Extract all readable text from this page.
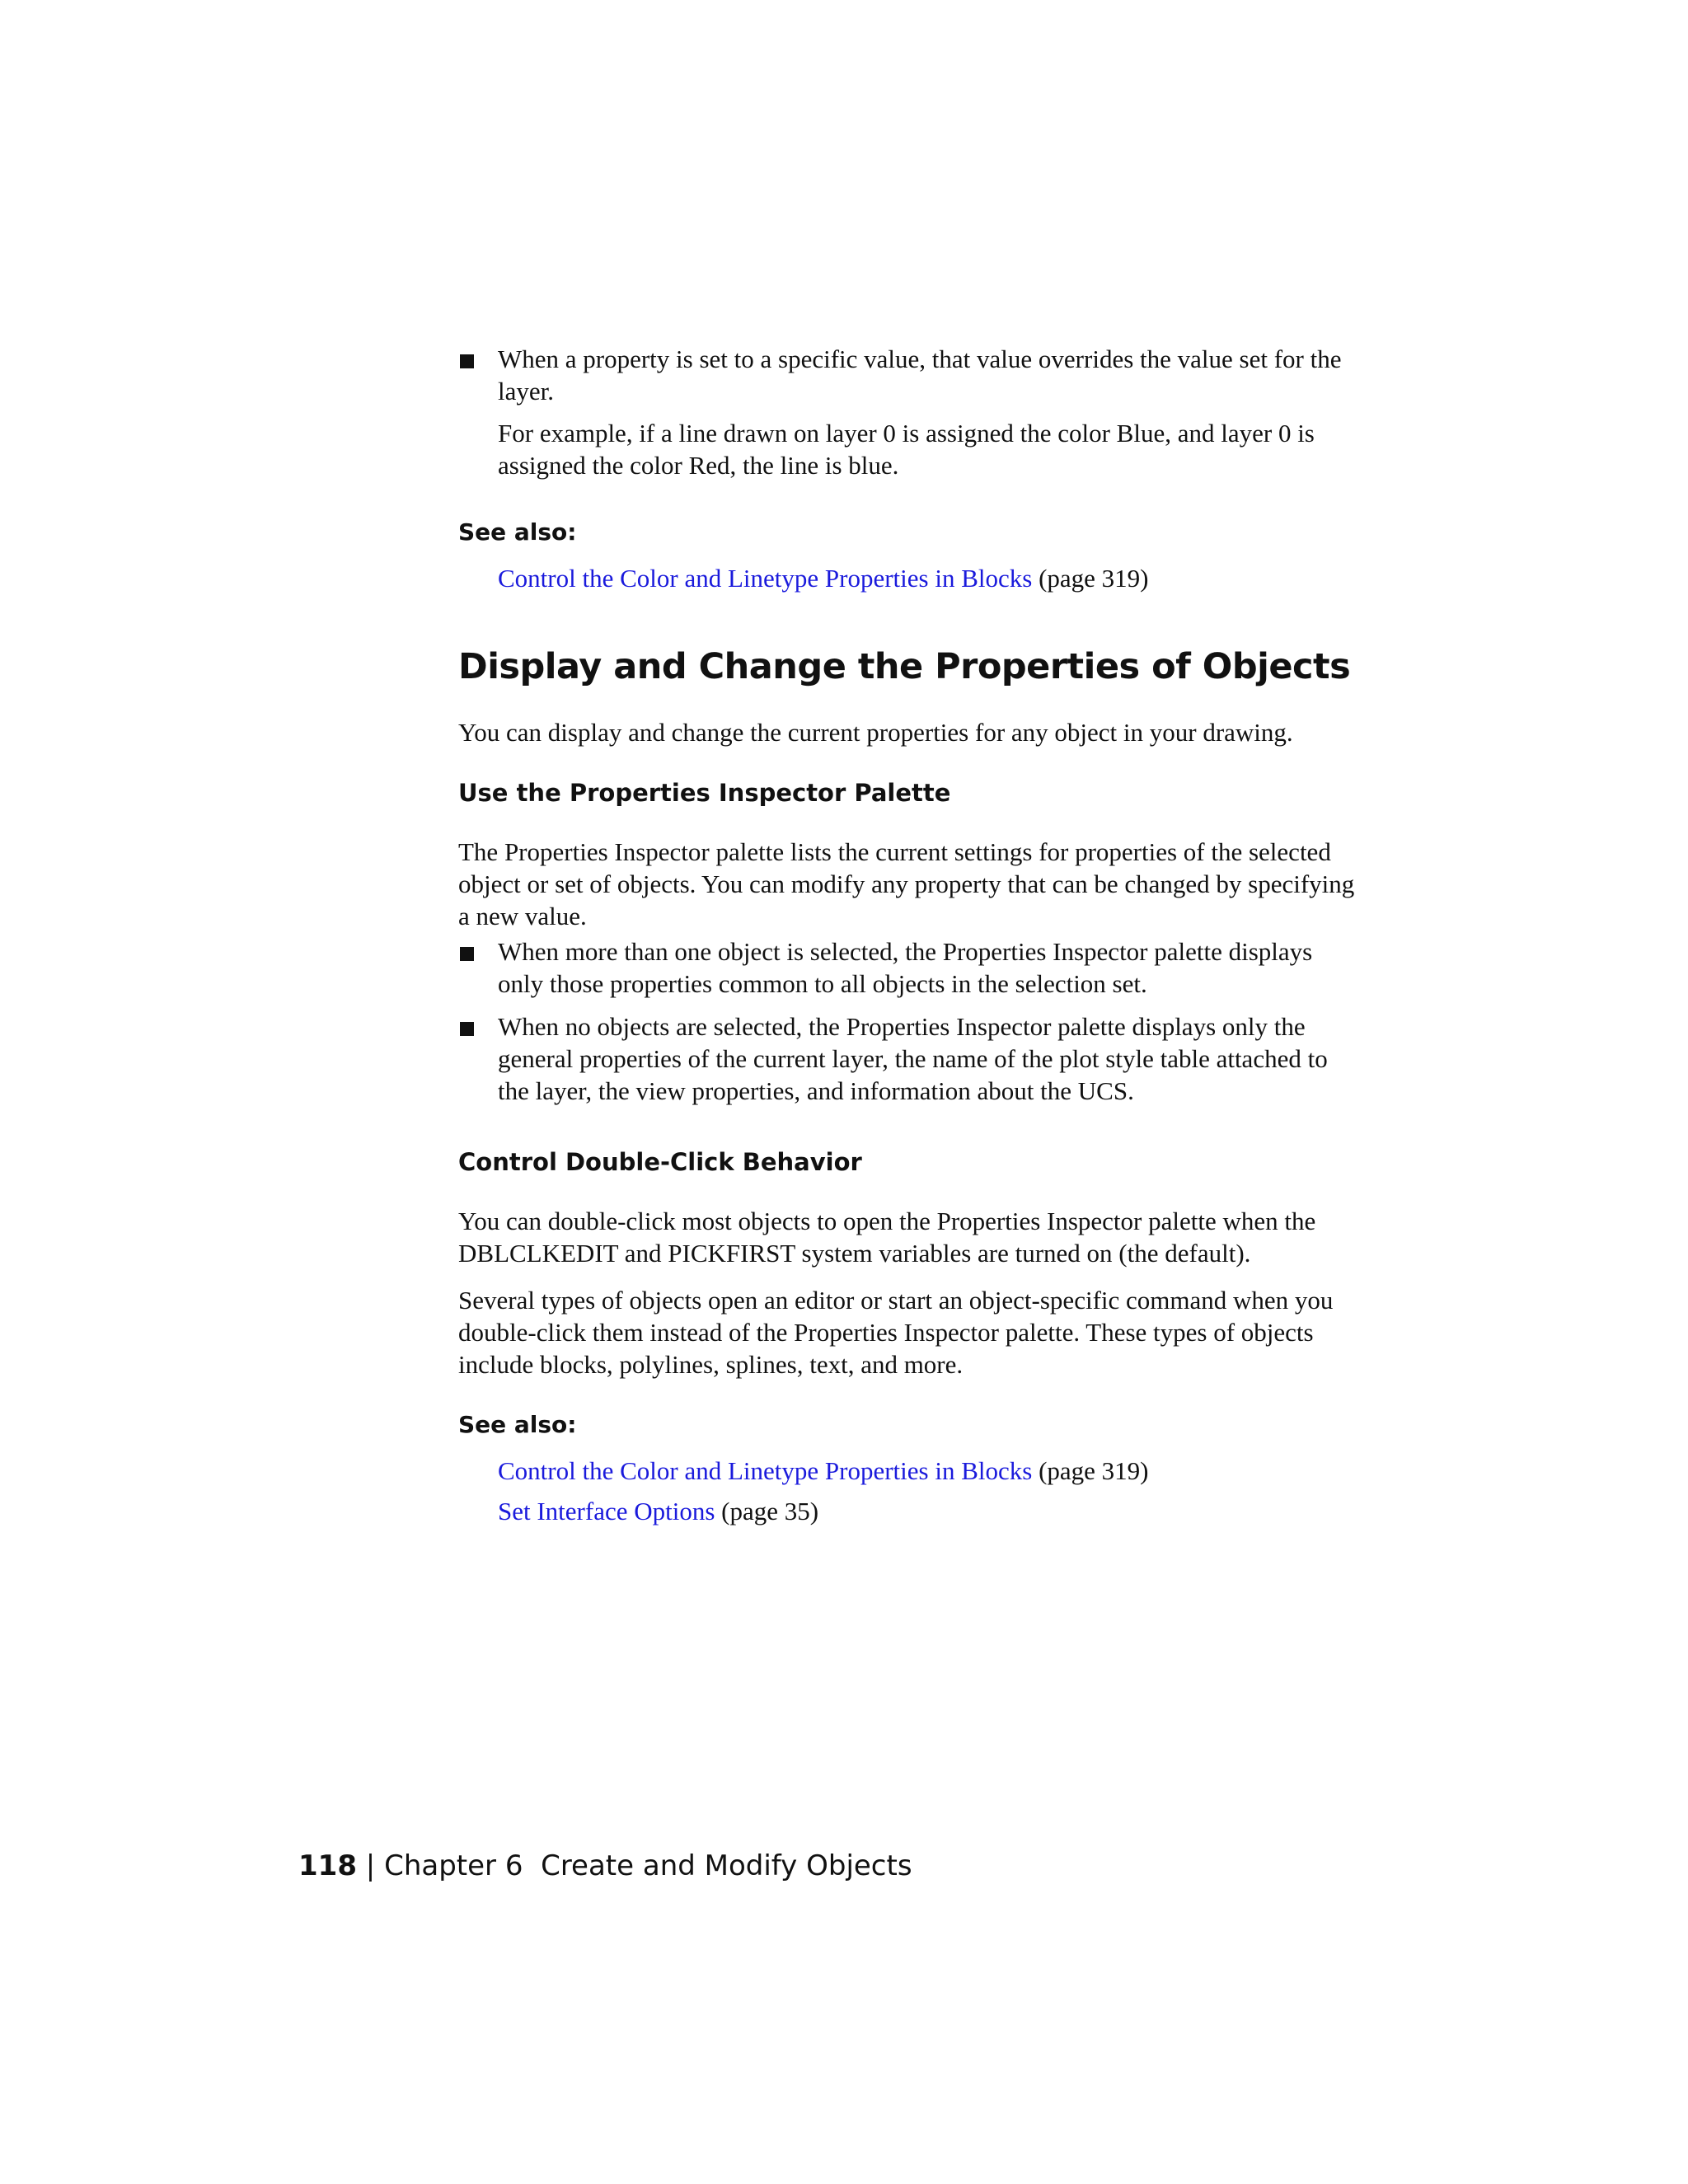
When a property is set to a specific value, that value overrides the value set for the layer.

For example, if a line drawn on layer 0 is assigned the color Blue, and layer 0 is assigned the color Red, the line is blue.

See also:

Control the Color and Linetype Properties in Blocks (page 319)

Display and Change the Properties of Objects

You can display and change the current properties for any object in your drawing.

Use the Properties Inspector Palette

The Properties Inspector palette lists the current settings for properties of the selected object or set of objects. You can modify any property that can be changed by specifying a new value.

When more than one object is selected, the Properties Inspector palette displays only those properties common to all objects in the selection set.

When no objects are selected, the Properties Inspector palette displays only the general properties of the current layer, the name of the plot style table attached to the layer, the view properties, and information about the UCS.

Control Double-Click Behavior

You can double-click most objects to open the Properties Inspector palette when the DBLCLKEDIT and PICKFIRST system variables are turned on (the default).

Several types of objects open an editor or start an object-specific command when you double-click them instead of the Properties Inspector palette. These types of objects include blocks, polylines, splines, text, and more.

See also:

Control the Color and Linetype Properties in Blocks (page 319)

Set Interface Options (page 35)

118 | Chapter 6 Create and Modify Objects
